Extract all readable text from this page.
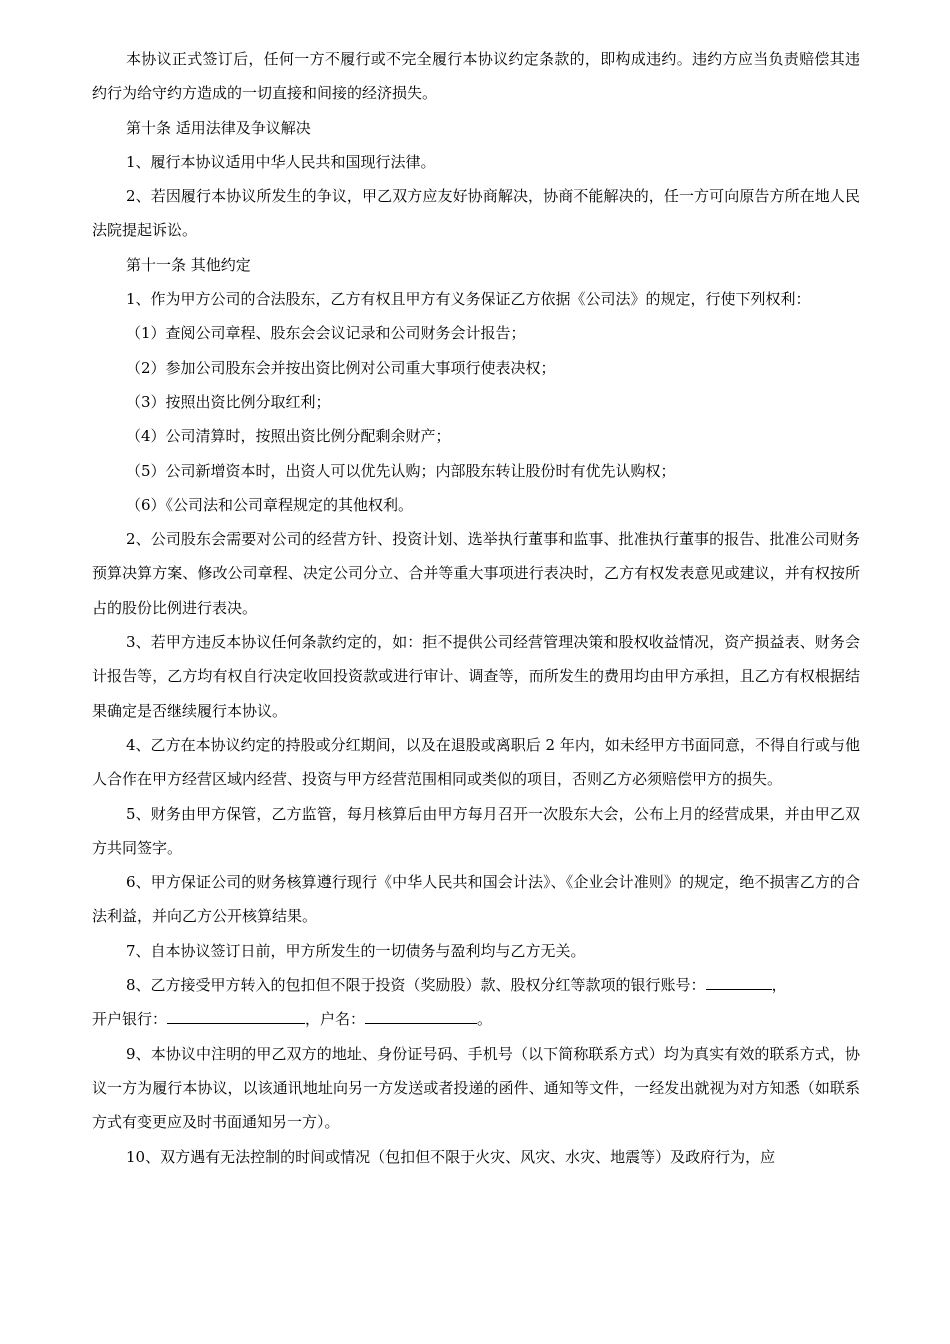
本协议正式签订后，任何一方不履行或不完全履行本协议约定条款的，即构成违约。违约方应当负责赔偿其违约行为给守约方造成的一切直接和间接的经济损失。

第十条 适用法律及争议解决

1、履行本协议适用中华人民共和国现行法律。

2、若因履行本协议所发生的争议，甲乙双方应友好协商解决，协商不能解决的，任一方可向原告方所在地人民法院提起诉讼。

第十一条 其他约定

1、作为甲方公司的合法股东，乙方有权且甲方有义务保证乙方依据《公司法》的规定，行使下列权利：

（1）查阅公司章程、股东会会议记录和公司财务会计报告；

（2）参加公司股东会并按出资比例对公司重大事项行使表决权；

（3）按照出资比例分取红利；

（4）公司清算时，按照出资比例分配剩余财产；

（5）公司新增资本时，出资人可以优先认购；内部股东转让股份时有优先认购权；

（6）《公司法和公司章程规定的其他权利。

2、公司股东会需要对公司的经营方针、投资计划、选举执行董事和监事、批准执行董事的报告、批准公司财务预算决算方案、修改公司章程、决定公司分立、合并等重大事项进行表决时，乙方有权发表意见或建议，并有权按所占的股份比例进行表决。

3、若甲方违反本协议任何条款约定的，如：拒不提供公司经营管理决策和股权收益情况，资产损益表、财务会计报告等，乙方均有权自行决定收回投资款或进行审计、调查等，而所发生的费用均由甲方承担，且乙方有权根据结果确定是否继续履行本协议。

4、乙方在本协议约定的持股或分红期间，以及在退股或离职后 2 年内，如未经甲方书面同意，不得自行或与他人合作在甲方经营区域内经营、投资与甲方经营范围相同或类似的项目，否则乙方必须赔偿甲方的损失。

5、财务由甲方保管，乙方监管，每月核算后由甲方每月召开一次股东大会，公布上月的经营成果，并由甲乙双方共同签字。

6、甲方保证公司的财务核算遵行现行《中华人民共和国会计法》、《企业会计准则》的规定，绝不损害乙方的合法利益，并向乙方公开核算结果。

7、自本协议签订日前，甲方所发生的一切债务与盈利均与乙方无关。

8、乙方接受甲方转入的包扣但不限于投资（奖励股）款、股权分红等款项的银行账号：	，

开户银行：	，户名：	。

9、本协议中注明的甲乙双方的地址、身份证号码、手机号（以下简称联系方式）均为真实有效的联系方式，协议一方为履行本协议，以该通讯地址向另一方发送或者投递的函件、通知等文件，一经发出就视为对方知悉（如联系方式有变更应及时书面通知另一方）。

10、双方遇有无法控制的时间或情况（包扣但不限于火灾、风灾、水灾、地震等）及政府行为，应
